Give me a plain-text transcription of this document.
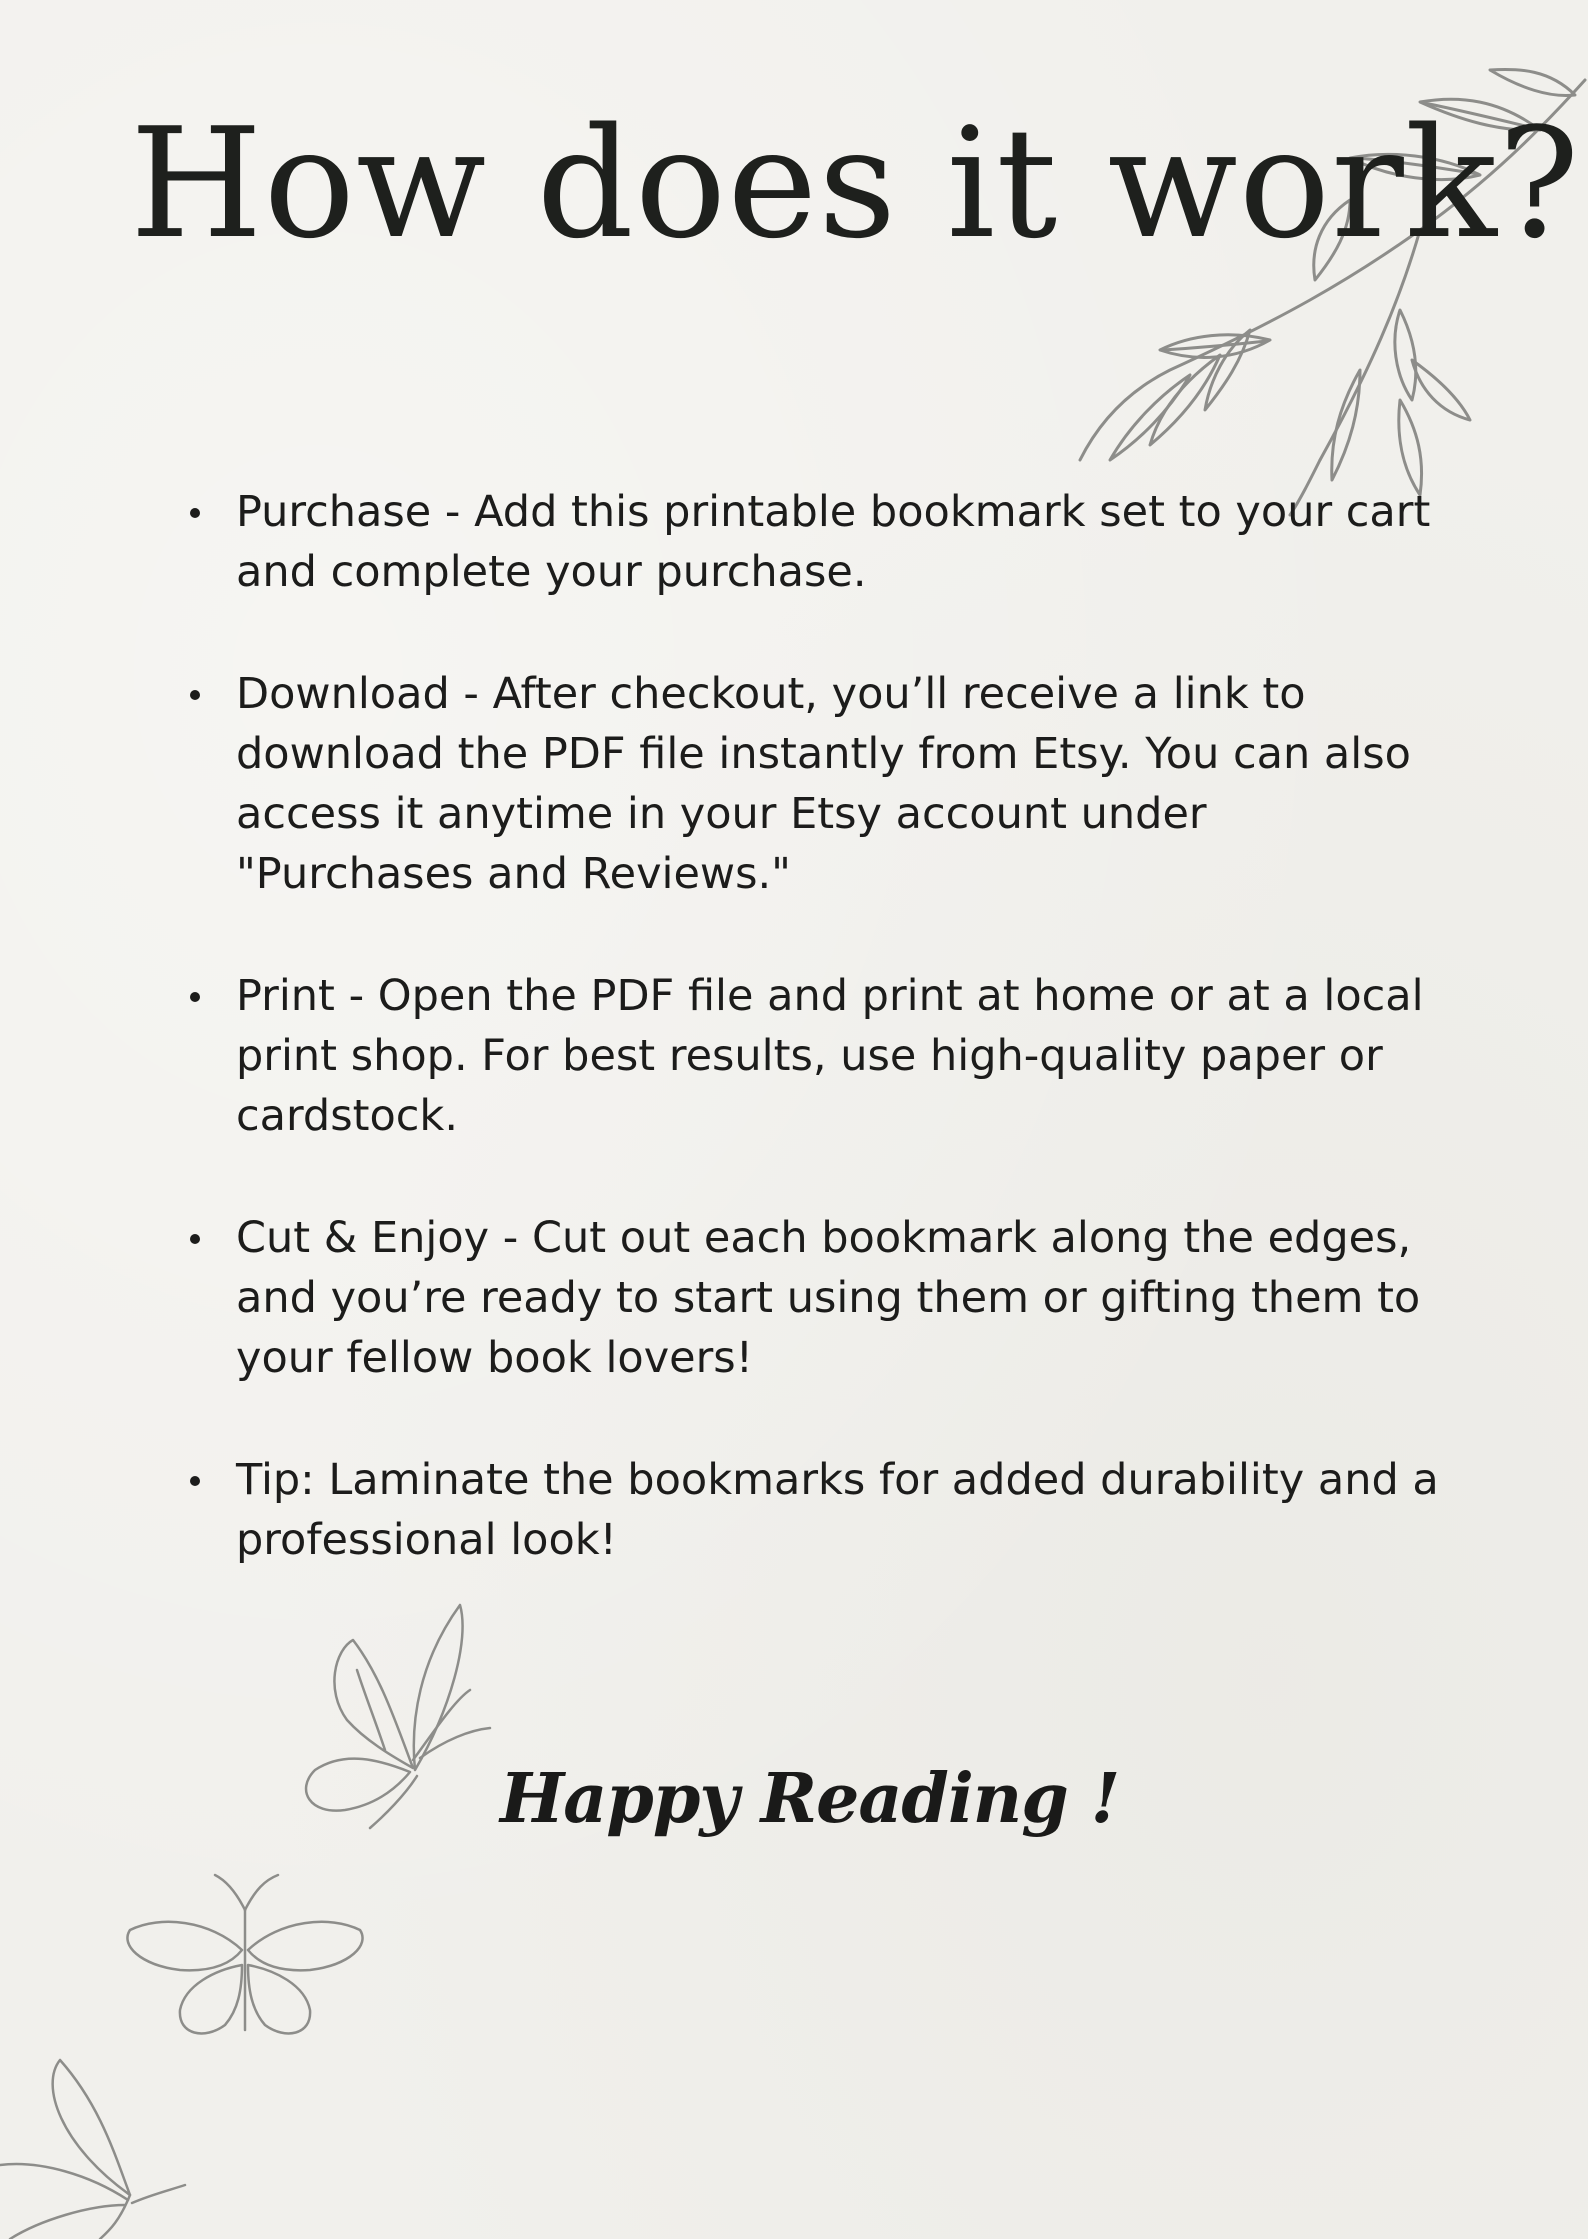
How does it work?
Purchase - Add this printable bookmark set to your cart and complete your purchase.
Download - After checkout, you’ll receive a link to download the PDF file instantly from Etsy. You can also access it anytime in your Etsy account under "Purchases and Reviews."
Print - Open the PDF file and print at home or at a local print shop. For best results, use high-quality paper or cardstock.
Cut & Enjoy - Cut out each bookmark along the edges, and you’re ready to start using them or gifting them to your fellow book lovers!
Tip: Laminate the bookmarks for added durability and a professional look!

Happy Reading !
